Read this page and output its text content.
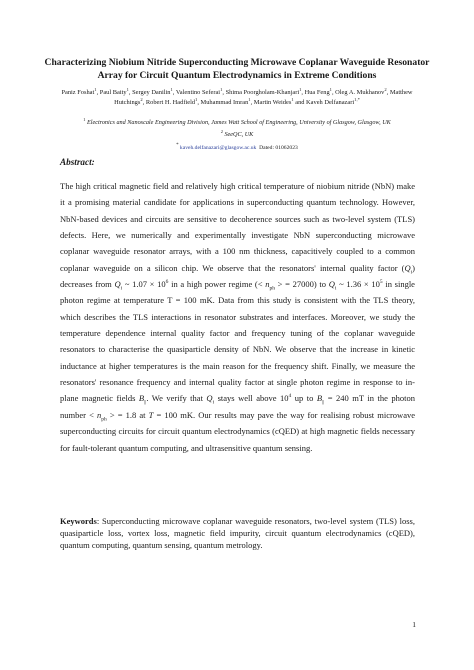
Characterizing Niobium Nitride Superconducting Microwave Coplanar Waveguide Resonator Array for Circuit Quantum Electrodynamics in Extreme Conditions
Paniz Foshat$^1$, Paul Baity$^1$, Sergey Danilin$^1$, Valentino Seferai$^1$, Shima Poorgholam-Khanjari$^1$, Hua Feng$^1$, Oleg A. Mukhanov$^2$, Matthew Hutchings$^2$, Robert H. Hadfield$^1$, Muhammad Imran$^1$, Martin Weides$^1$ and Kaveh Delfanazari$^{1,*}$
$^1$ Electronics and Nanoscale Engineering Division, James Watt School of Engineering, University of Glasgow, Glasgow, UK
$^2$ SeeQC, UK
* kaveh.delfanazari@glasgow.ac.uk Dated: 01062023
Abstract:

The high critical magnetic field and relatively high critical temperature of niobium nitride (NbN) make it a promising material candidate for applications in superconducting quantum technology. However, NbN-based devices and circuits are sensitive to decoherence sources such as two-level system (TLS) defects. Here, we numerically and experimentally investigate NbN superconducting microwave coplanar waveguide resonator arrays, with a 100 nm thickness, capacitively coupled to a common coplanar waveguide on a silicon chip. We observe that the resonators' internal quality factor $(Q_i)$ decreases from $Q_i$ ~ $1.07 \times 10^6$ in a high power regime (< $n_{ph}$ > = 27000) to $Q_i$ ~ $1.36 \times 10^5$ in single photon regime at temperature T = 100 mK. Data from this study is consistent with the TLS theory, which describes the TLS interactions in resonator substrates and interfaces. Moreover, we study the temperature dependence internal quality factor and frequency tuning of the coplanar waveguide resonators to characterise the quasiparticle density of NbN. We observe that the increase in kinetic inductance at higher temperatures is the main reason for the frequency shift. Finally, we measure the resonators' resonance frequency and internal quality factor at single photon regime in response to in-plane magnetic fields $B_{||}$. We verify that $Q_i$ stays well above $10^4$ up to $B_{||} = 240$ mT in the photon number < $n_{ph}$ > = 1.8 at T = 100 mK. Our results may pave the way for realising robust microwave superconducting circuits for circuit quantum electrodynamics (cQED) at high magnetic fields necessary for fault-tolerant quantum computing, and ultrasensitive quantum sensing.

Keywords: Superconducting microwave coplanar waveguide resonators, two-level system (TLS) loss, quasiparticle loss, vortex loss, magnetic field impurity, circuit quantum electrodynamics (cQED), quantum computing, quantum sensing, quantum metrology.
1
